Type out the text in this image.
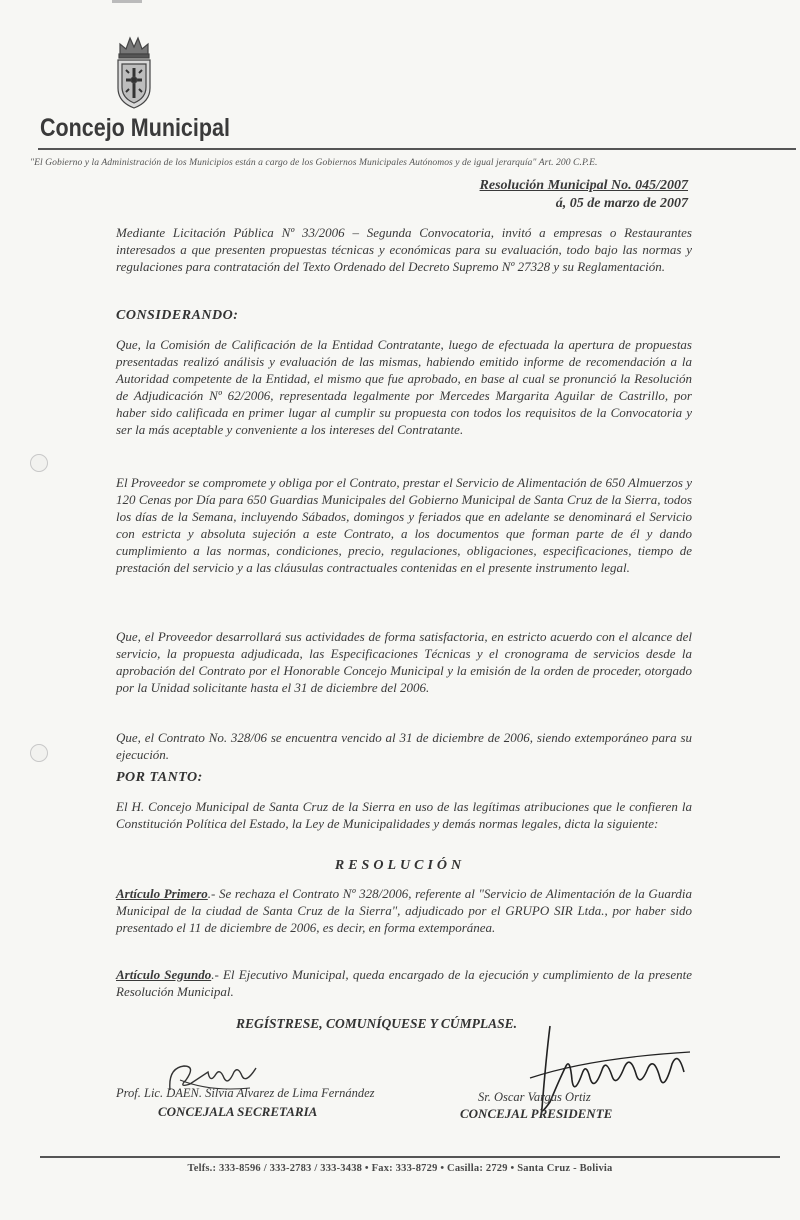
Concejo Municipal
"El Gobierno y la Administración de los Municipios están a cargo de los Gobiernos Municipales Autónomos y de igual jerarquía" Art. 200 C.P.E.
Resolución Municipal No. 045/2007
á, 05 de marzo de 2007

Mediante Licitación Pública Nº 33/2006 – Segunda Convocatoria, invitó a empresas o Restaurantes interesados a que presenten propuestas técnicas y económicas para su evaluación, todo bajo las normas y regulaciones para contratación del Texto Ordenado del Decreto Supremo Nº 27328 y su Reglamentación.

CONSIDERANDO:

Que, la Comisión de Calificación de la Entidad Contratante, luego de efectuada la apertura de propuestas presentadas realizó análisis y evaluación de las mismas, habiendo emitido informe de recomendación a la Autoridad competente de la Entidad, el mismo que fue aprobado, en base al cual se pronunció la Resolución de Adjudicación Nº 62/2006, representada legalmente por Mercedes Margarita Aguilar de Castrillo, por haber sido calificada en primer lugar al cumplir su propuesta con todos los requisitos de la Convocatoria y ser la más aceptable y conveniente a los intereses del Contratante.

El Proveedor se compromete y obliga por el Contrato, prestar el Servicio de Alimentación de 650 Almuerzos y 120 Cenas por Día para 650 Guardias Municipales del Gobierno Municipal de Santa Cruz de la Sierra, todos los días de la Semana, incluyendo Sábados, domingos y feriados que en adelante se denominará el Servicio con estricta y absoluta sujeción a este Contrato, a los documentos que forman parte de él y dando cumplimiento a las normas, condiciones, precio, regulaciones, obligaciones, especificaciones, tiempo de prestación del servicio y a las cláusulas contractuales contenidas en el presente instrumento legal.

Que, el Proveedor desarrollará sus actividades de forma satisfactoria, en estricto acuerdo con el alcance del servicio, la propuesta adjudicada, las Especificaciones Técnicas y el cronograma de servicios desde la aprobación del Contrato por el Honorable Concejo Municipal y la emisión de la orden de proceder, otorgado por la Unidad solicitante hasta el 31 de diciembre del 2006.

Que, el Contrato No. 328/06 se encuentra vencido al 31 de diciembre de 2006, siendo extemporáneo para su ejecución.

POR TANTO:

El H. Concejo Municipal de Santa Cruz de la Sierra en uso de las legítimas atribuciones que le confieren la Constitución Política del Estado, la Ley de Municipalidades y demás normas legales, dicta la siguiente:

RESOLUCIÓN

Artículo Primero.- Se rechaza el Contrato Nº 328/2006, referente al "Servicio de Alimentación de la Guardia Municipal de la ciudad de Santa Cruz de la Sierra", adjudicado por el GRUPO SIR Ltda., por haber sido presentado el 11 de diciembre de 2006, es decir, en forma extemporánea.

Artículo Segundo.- El Ejecutivo Municipal, queda encargado de la ejecución y cumplimiento de la presente Resolución Municipal.

REGÍSTRESE, COMUNÍQUESE Y CÚMPLASE.
Prof. Lic. DAEN. Silvia Alvarez de Lima Fernández
CONCEJALA SECRETARIA
Sr. Oscar Vargas Ortiz
CONCEJAL PRESIDENTE
Telfs.: 333-8596 / 333-2783 / 333-3438 • Fax: 333-8729 • Casilla: 2729 • Santa Cruz - Bolivia
